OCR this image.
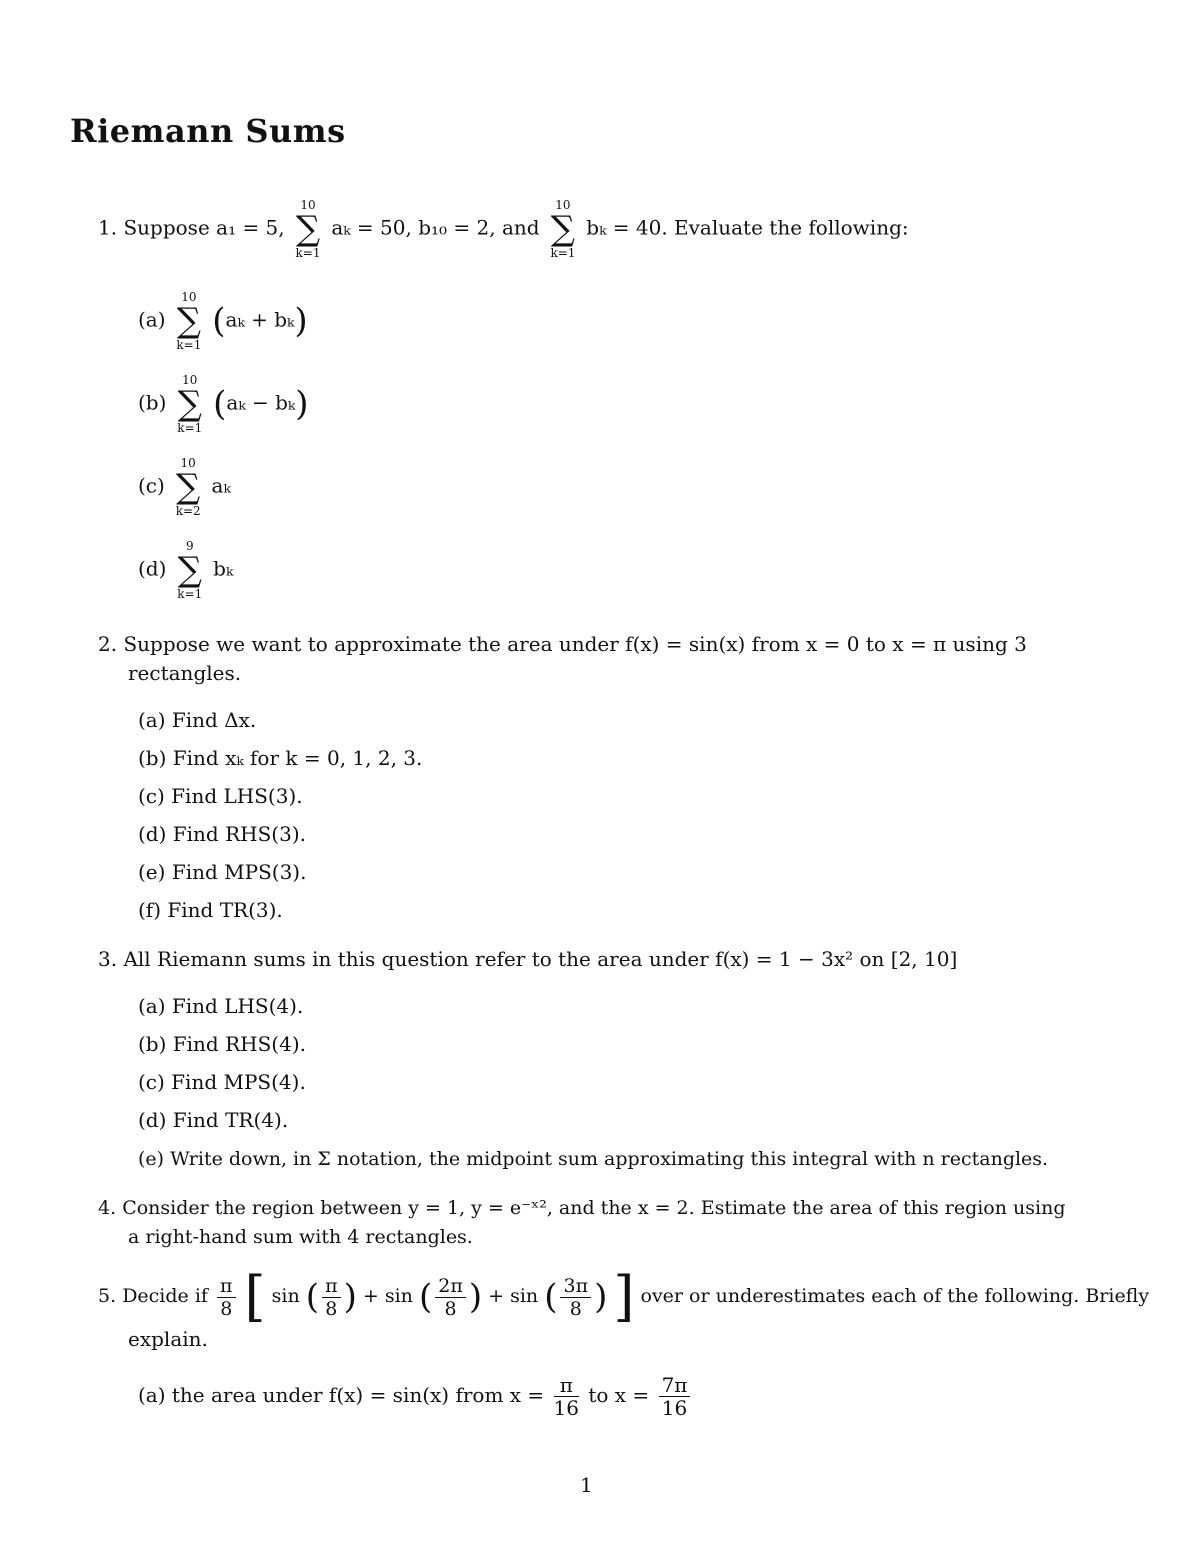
Riemann Sums
1. Suppose a₁ = 5,
10
∑
k=1
aₖ = 50, b₁₀ = 2, and
10
∑
k=1
bₖ = 40. Evaluate the following:
(a)
10
∑
k=1
(aₖ + bₖ)
(b)
10
∑
k=1
(aₖ − bₖ)
(c)
10
∑
k=2
aₖ
(d)
9
∑
k=1
bₖ
2. Suppose we want to approximate the area under f(x) = sin(x) from x = 0 to x = π using 3
rectangles.
(a) Find Δx.
(b) Find xₖ for k = 0, 1, 2, 3.
(c) Find LHS(3).
(d) Find RHS(3).
(e) Find MPS(3).
(f) Find TR(3).
3. All Riemann sums in this question refer to the area under f(x) = 1 − 3x² on [2, 10]
(a) Find LHS(4).
(b) Find RHS(4).
(c) Find MPS(4).
(d) Find TR(4).
(e) Write down, in Σ notation, the midpoint sum approximating this integral with n rectangles.
4. Consider the region between y = 1, y = e⁻ˣ², and the x = 2. Estimate the area of this region using
a right-hand sum with 4 rectangles.
5. Decide if $\frac{\pi}{8}$ [ sin ( $\frac{\pi}{8}$ ) + sin ( $\frac{2\pi}{8}$ ) + sin ( $\frac{3\pi}{8}$ ) ] over or underestimates each of the following. Briefly
explain.
(a) the area under f(x) = sin(x) from $x = \frac{\pi}{16}$ to $x = \frac{7\pi}{16}$
1
